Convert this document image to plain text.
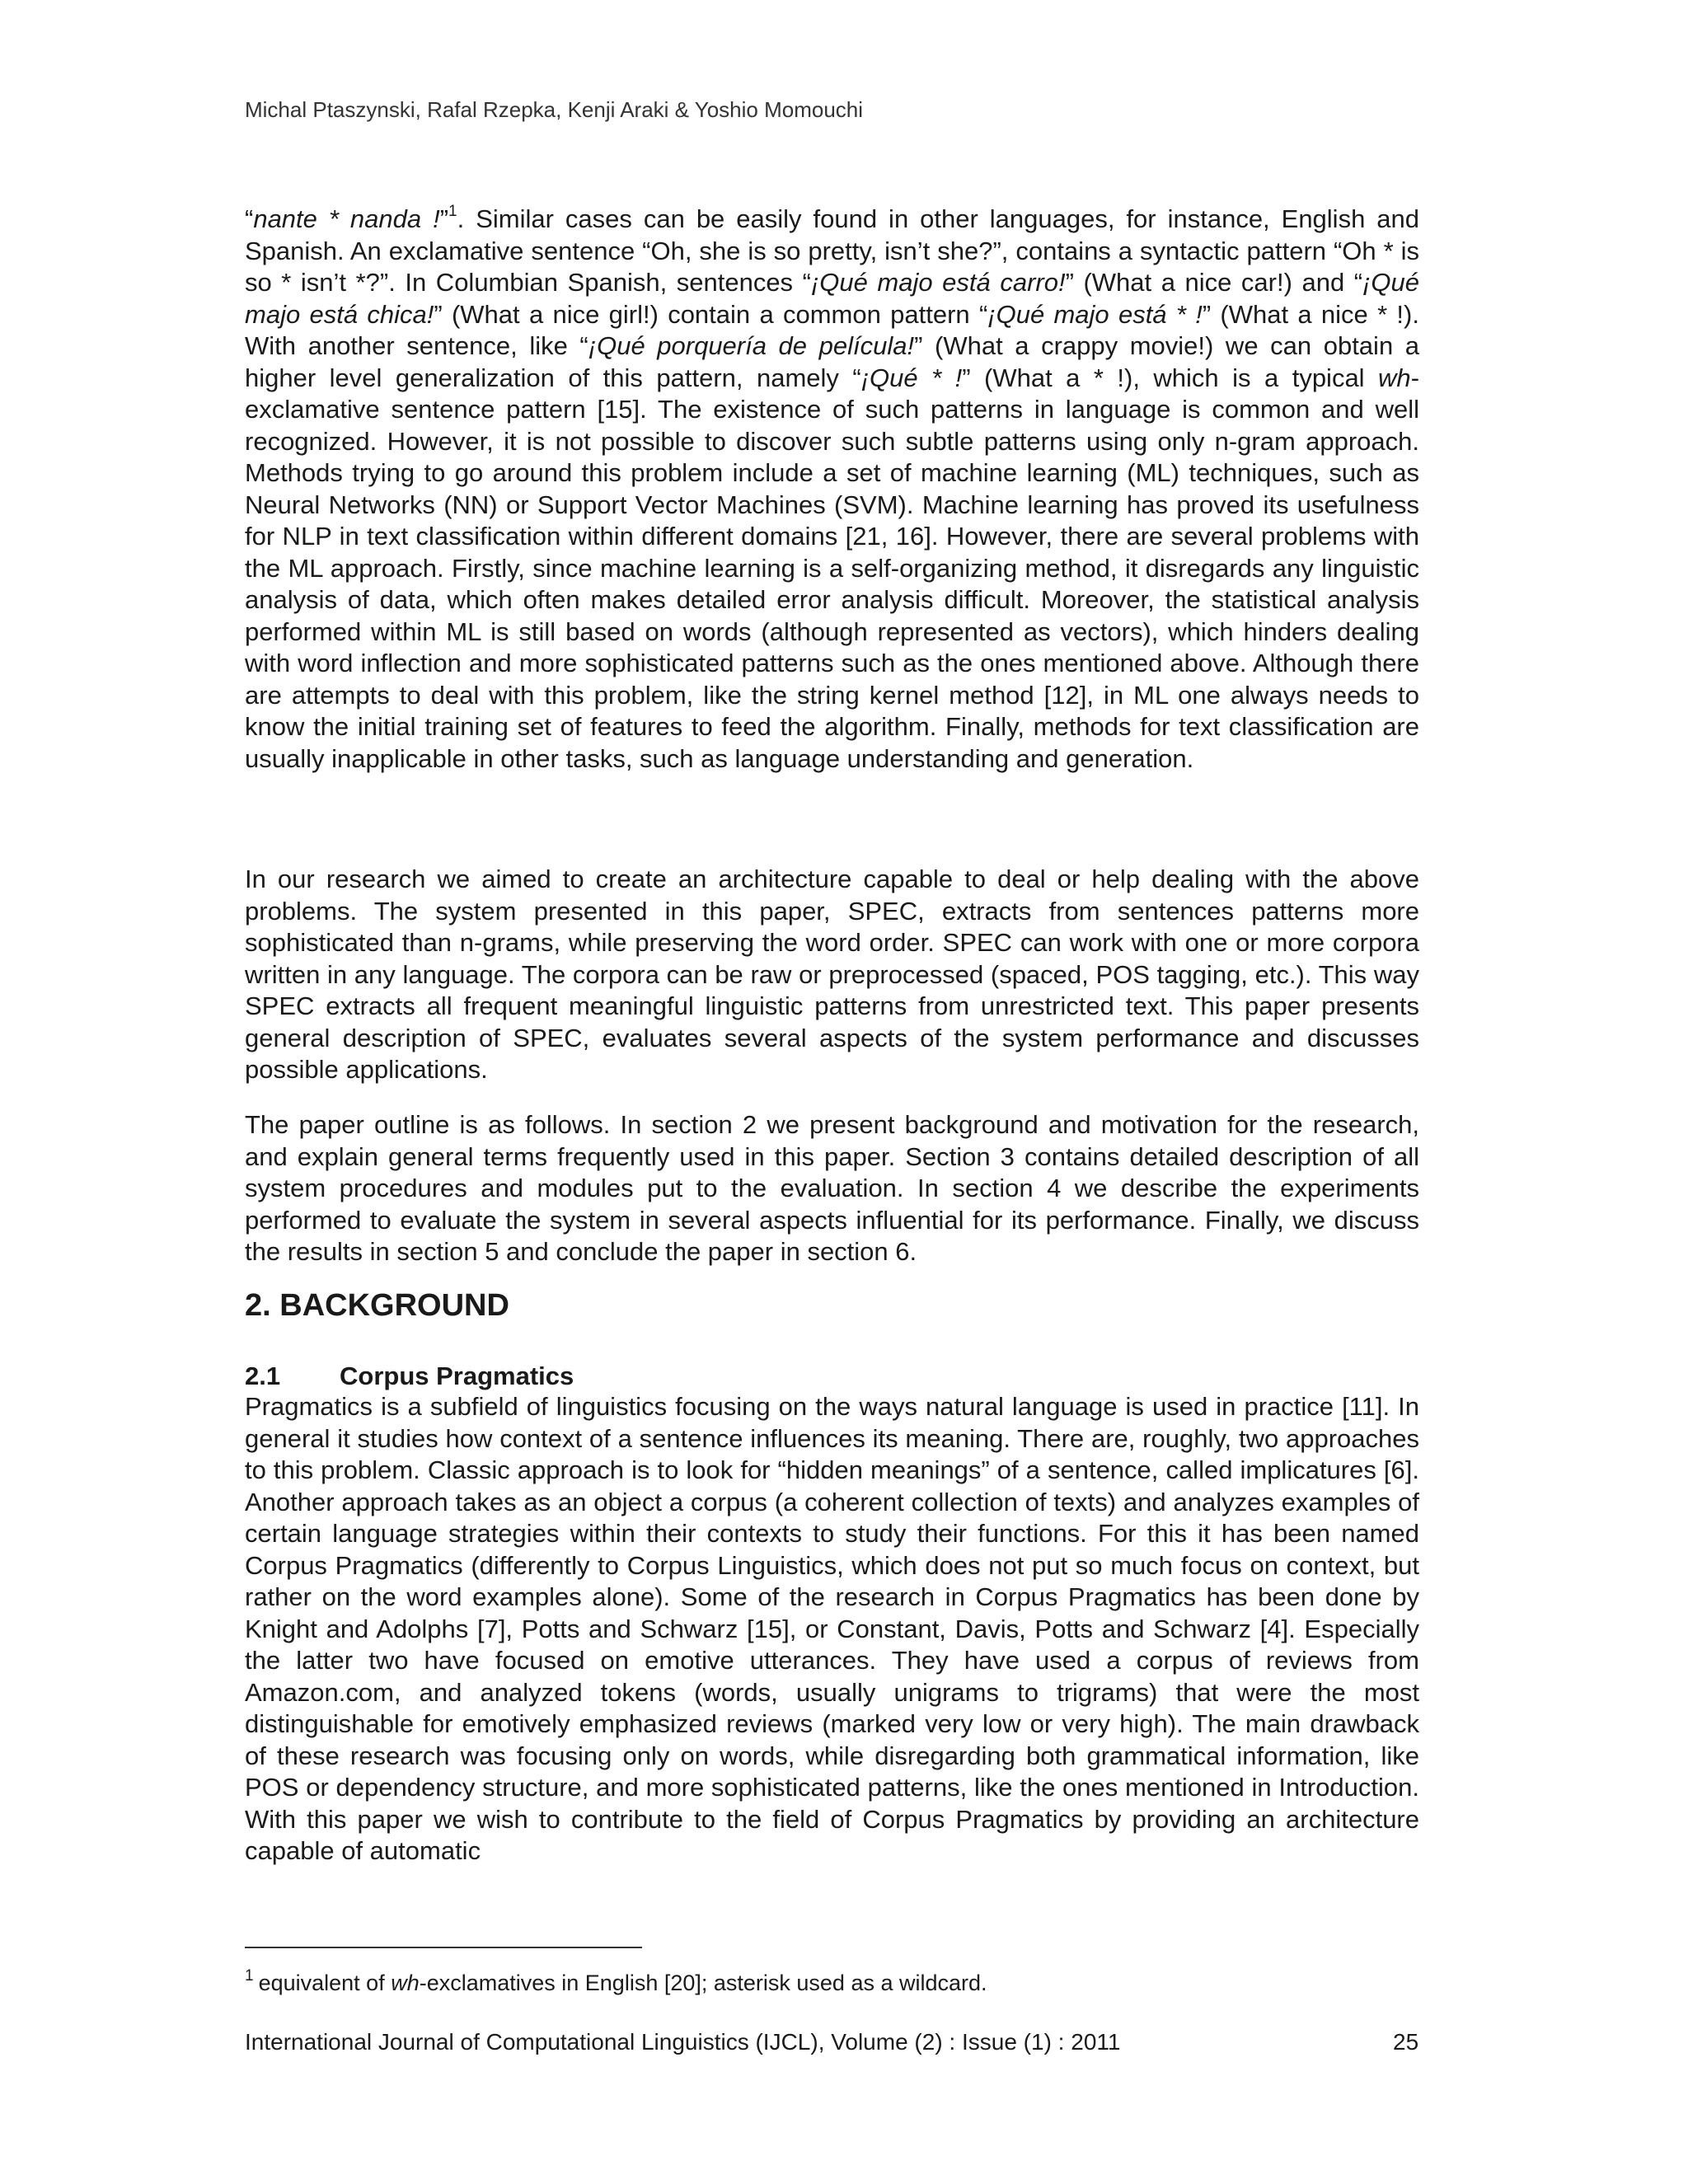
Michal Ptaszynski, Rafal Rzepka, Kenji Araki & Yoshio Momouchi

“nante * nanda !”$^1$. Similar cases can be easily found in other languages, for instance, English and Spanish. An exclamative sentence “Oh, she is so pretty, isn’t she?”, contains a syntactic pattern “Oh * is so * isn’t *?”. In Columbian Spanish, sentences “¡Qué majo está carro!” (What a nice car!) and “¡Qué majo está chica!” (What a nice girl!) contain a common pattern “¡Qué majo está * !” (What a nice * !). With another sentence, like “¡Qué porquería de película!” (What a crappy movie!) we can obtain a higher level generalization of this pattern, namely “¡Qué * !” (What a * !), which is a typical wh-exclamative sentence pattern [15]. The existence of such patterns in language is common and well recognized. However, it is not possible to discover such subtle patterns using only n-gram approach. Methods trying to go around this problem include a set of machine learning (ML) techniques, such as Neural Networks (NN) or Support Vector Machines (SVM). Machine learning has proved its usefulness for NLP in text classification within different domains [21, 16]. However, there are several problems with the ML approach. Firstly, since machine learning is a self-organizing method, it disregards any linguistic analysis of data, which often makes detailed error analysis difficult. Moreover, the statistical analysis performed within ML is still based on words (although represented as vectors), which hinders dealing with word inflection and more sophisticated patterns such as the ones mentioned above. Although there are attempts to deal with this problem, like the string kernel method [12], in ML one always needs to know the initial training set of features to feed the algorithm. Finally, methods for text classification are usually inapplicable in other tasks, such as language understanding and generation.

In our research we aimed to create an architecture capable to deal or help dealing with the above problems. The system presented in this paper, SPEC, extracts from sentences patterns more sophisticated than n-grams, while preserving the word order. SPEC can work with one or more corpora written in any language. The corpora can be raw or preprocessed (spaced, POS tagging, etc.). This way SPEC extracts all frequent meaningful linguistic patterns from unrestricted text. This paper presents general description of SPEC, evaluates several aspects of the system performance and discusses possible applications.

The paper outline is as follows. In section 2 we present background and motivation for the research, and explain general terms frequently used in this paper. Section 3 contains detailed description of all system procedures and modules put to the evaluation. In section 4 we describe the experiments performed to evaluate the system in several aspects influential for its performance. Finally, we discuss the results in section 5 and conclude the paper in section 6.

2. BACKGROUND
2.1 Corpus Pragmatics

Pragmatics is a subfield of linguistics focusing on the ways natural language is used in practice [11]. In general it studies how context of a sentence influences its meaning. There are, roughly, two approaches to this problem. Classic approach is to look for “hidden meanings” of a sentence, called implicatures [6]. Another approach takes as an object a corpus (a coherent collection of texts) and analyzes examples of certain language strategies within their contexts to study their functions. For this it has been named Corpus Pragmatics (differently to Corpus Linguistics, which does not put so much focus on context, but rather on the word examples alone). Some of the research in Corpus Pragmatics has been done by Knight and Adolphs [7], Potts and Schwarz [15], or Constant, Davis, Potts and Schwarz [4]. Especially the latter two have focused on emotive utterances. They have used a corpus of reviews from Amazon.com, and analyzed tokens (words, usually unigrams to trigrams) that were the most distinguishable for emotively emphasized reviews (marked very low or very high). The main drawback of these research was focusing only on words, while disregarding both grammatical information, like POS or dependency structure, and more sophisticated patterns, like the ones mentioned in Introduction. With this paper we wish to contribute to the field of Corpus Pragmatics by providing an architecture capable of automatic

$^1$ equivalent of wh-exclamatives in English [20]; asterisk used as a wildcard.
International Journal of Computational Linguistics (IJCL), Volume (2) : Issue (1) : 2011	25
